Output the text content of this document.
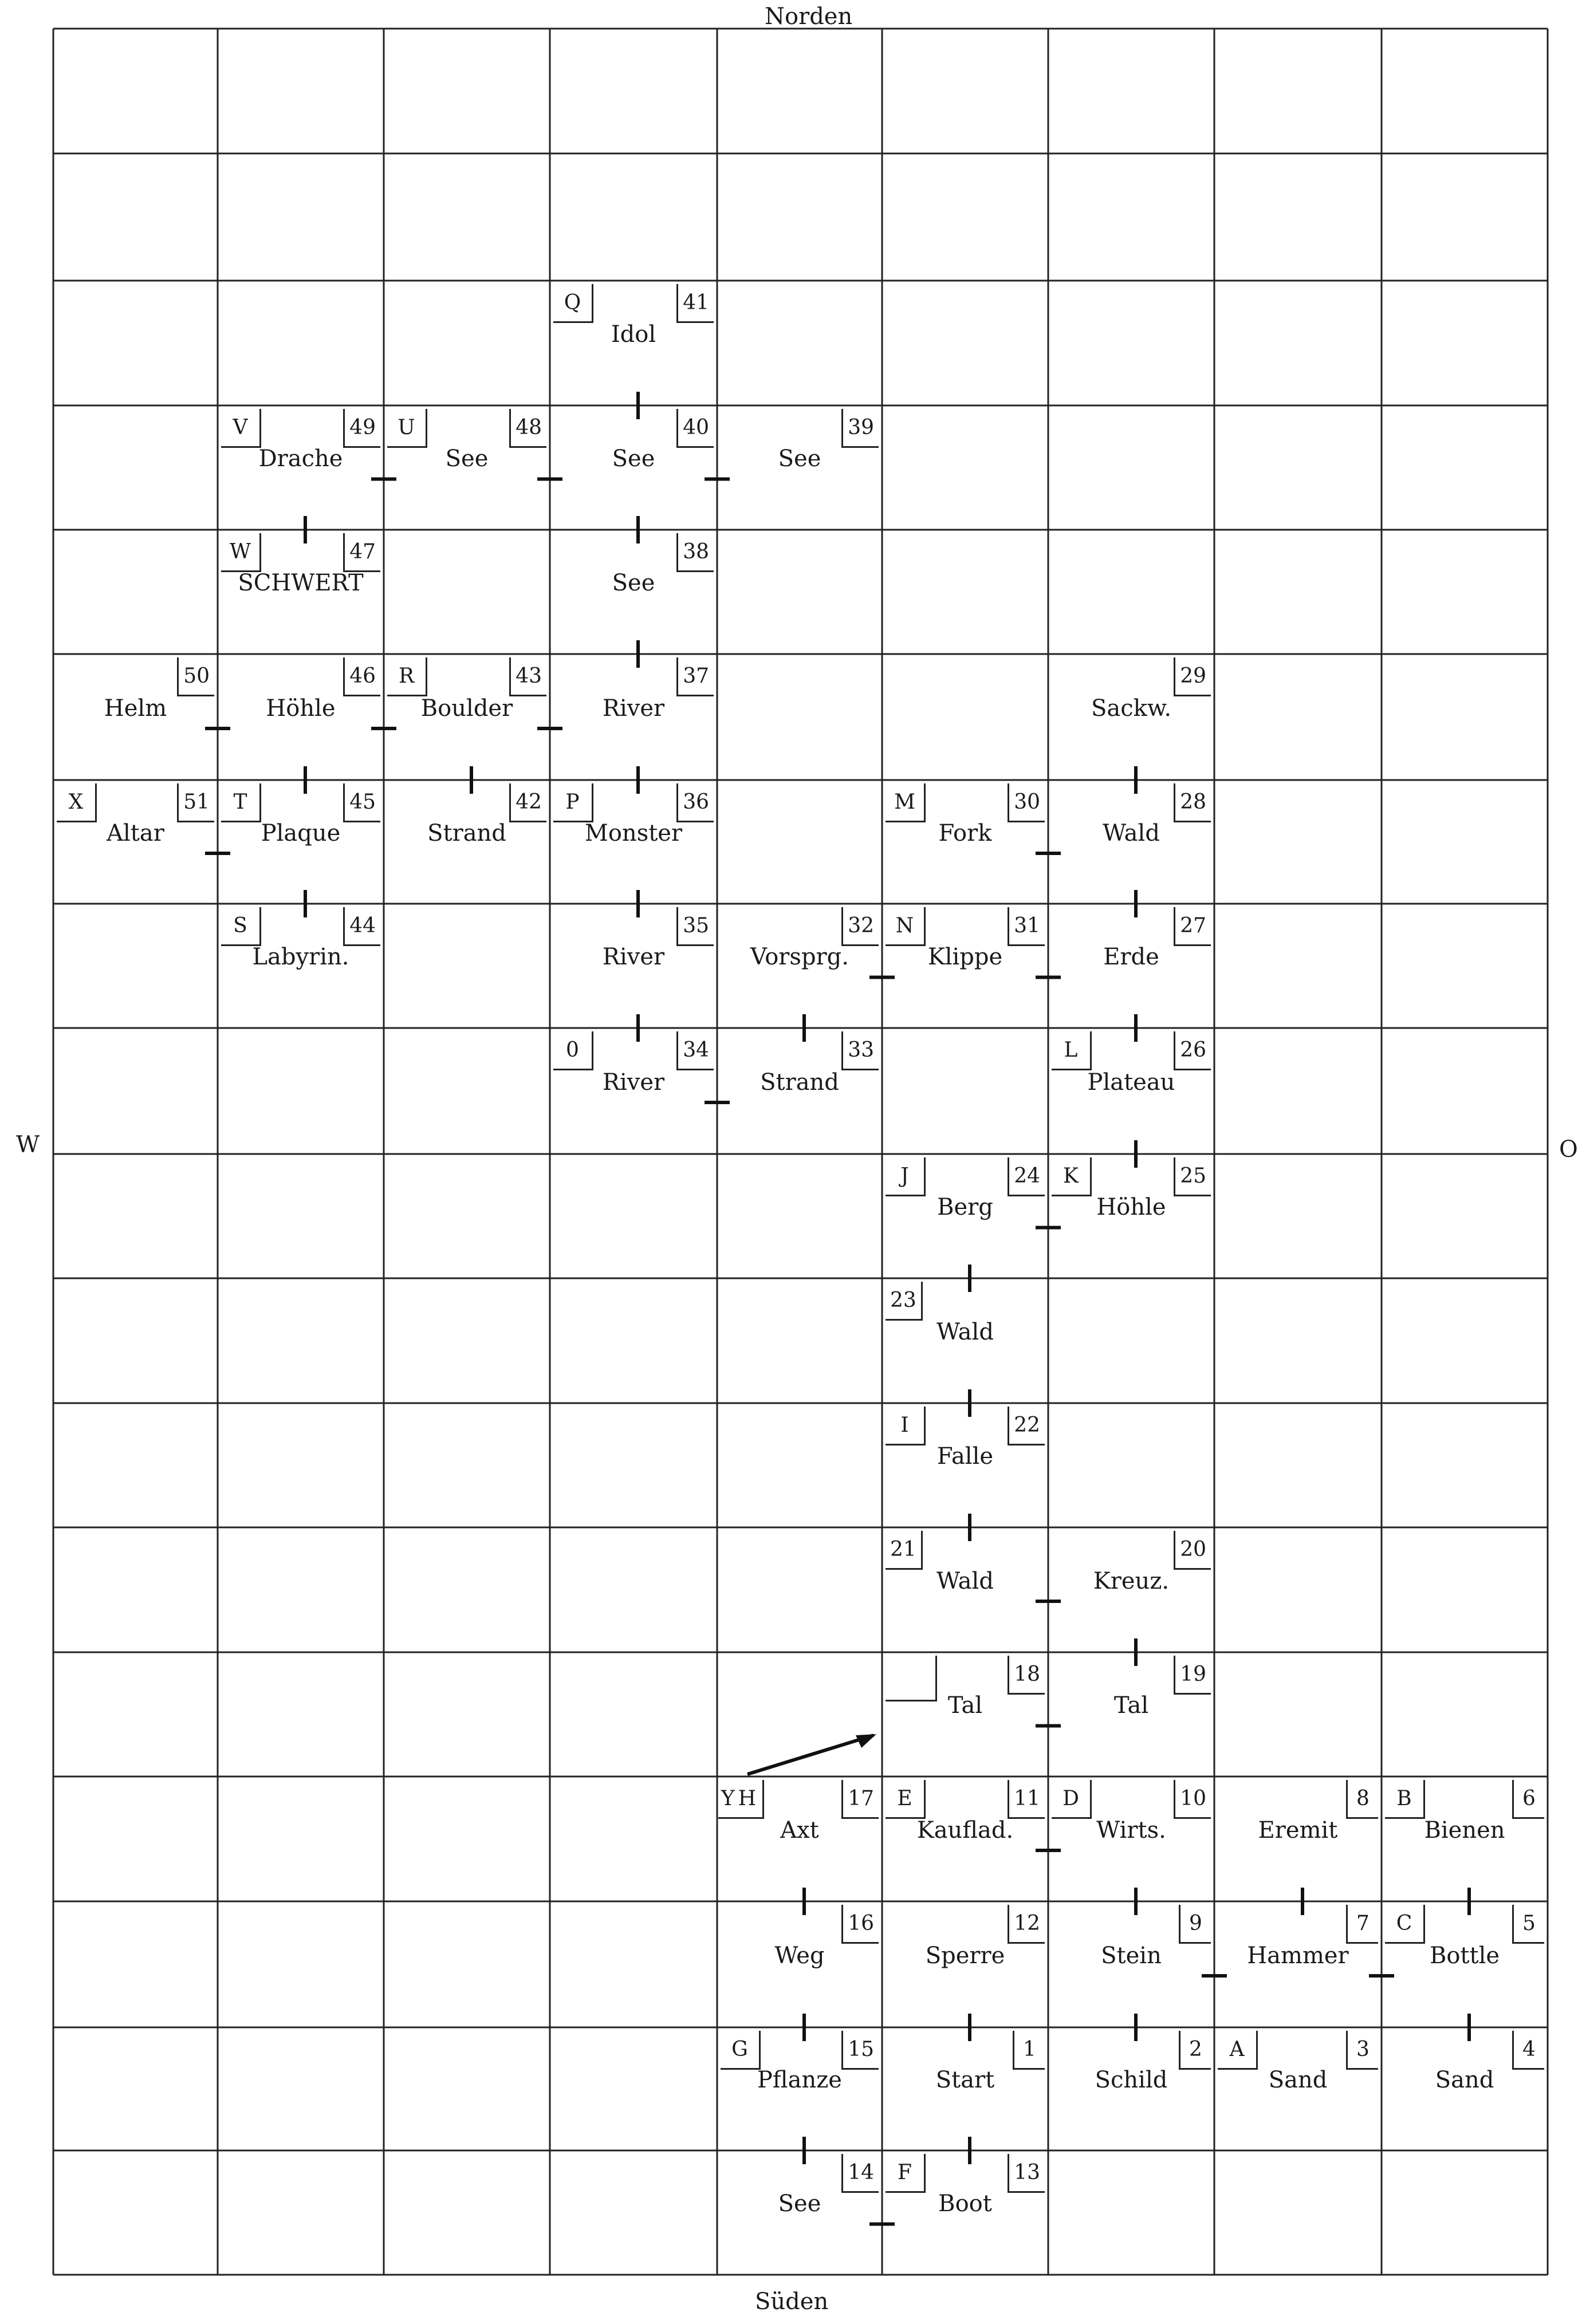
41
Q
Idol
49
V
Drache
48
U
See
40
See
39
See
47
W
SCHWERT
38
See
50
Helm
46
Höhle
43
R
Boulder
37
River
29
Sackw.
51
X
Altar
45
T
Plaque
42
Strand
36
P
Monster
30
M
Fork
28
Wald
44
S
Labyrin.
35
River
32
Vorsprg.
31
N
Klippe
27
Erde
34
0
River
33
Strand
26
L
Plateau
24
J
Berg
25
K
Höhle
23
Wald
22
I
Falle
21
Wald
20
Kreuz.
18
Tal
19
Tal
17
YH
Axt
11
E
Kauflad.
10
D
Wirts.
8
Eremit
6
B
Bienen
16
Weg
12
Sperre
9
Stein
7
Hammer
5
C
Bottle
15
G
Pflanze
1
Start
2
Schild
3
A
Sand
4
Sand
14
See
13
F
Boot
Norden
Süden
W	O
